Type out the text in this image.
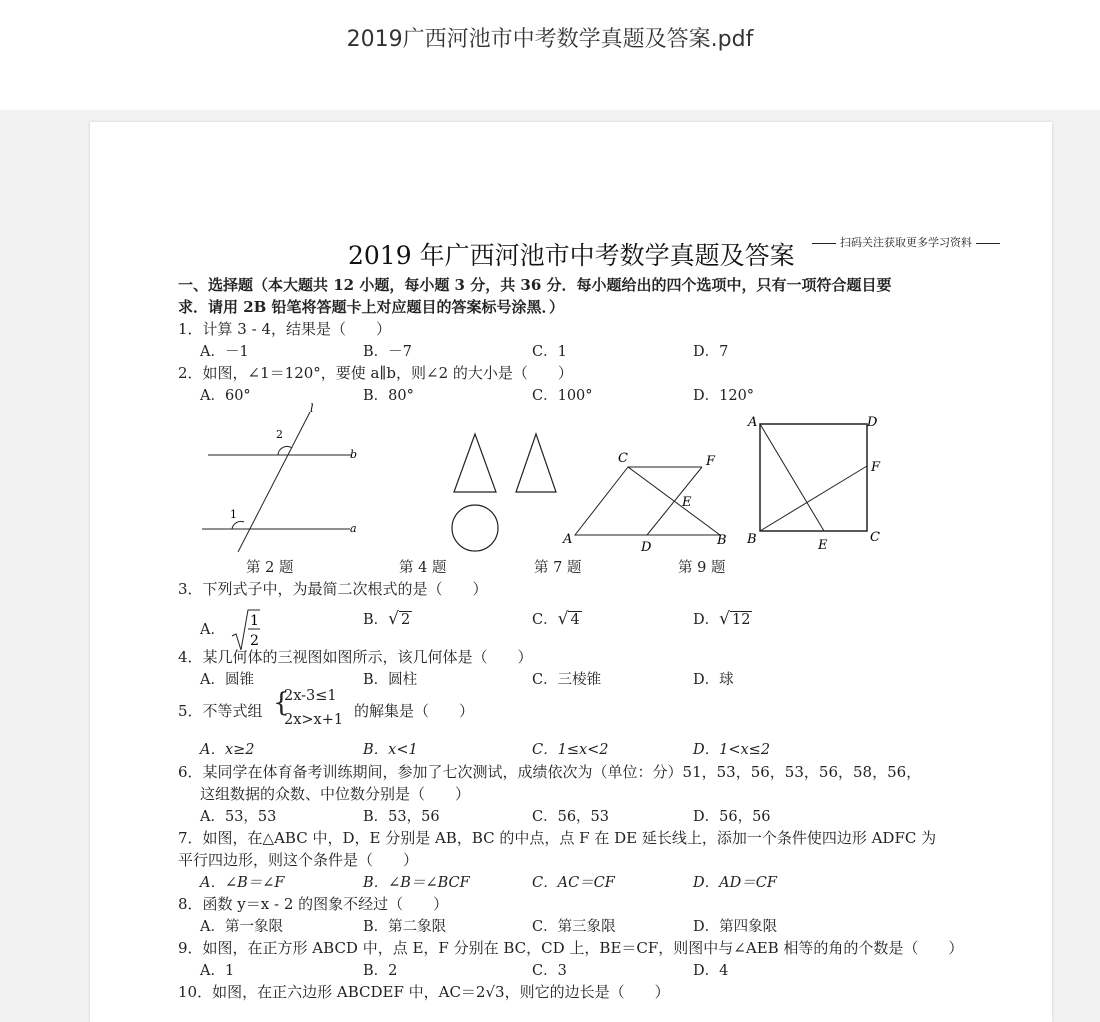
2019广西河池市中考数学真题及答案.pdf
2019 年广西河池市中考数学真题及答案	扫码关注获取更多学习资料
一、选择题（本大题共 12 小题，每小题 3 分，共 36 分．每小题给出的四个选项中，只有一项符合题目要
求．请用 2B 铅笔将答题卡上对应题目的答案标号涂黑．）
1．计算 3 - 4，结果是（　　）
A．－1	B．－7	C．1	D．7
2．如图，∠1＝120°，要使 a∥b，则∠2 的大小是（　　）
A．60°	B．80°	C．100°	D．120°
l
2
b
1
a
C	F
E
A
D	B
A	D
F
B	E
C
第 2 题	第 4 题	第 7 题	第 9 题
3．下列式子中，为最简二次根式的是（　　）
A．
1
2
B．√ 2	C．√ 4	D．√ 12
4．某几何体的三视图如图所示，该几何体是（　　）
A．圆锥	B．圆柱	C．三棱锥	D．球
5．不等式组 {
2x-3≤1
2x>x+1 的解集是（　　）
A．x≥2	B．x<1	C．1≤x<2	D．1<x≤2
6．某同学在体育备考训练期间，参加了七次测试，成绩依次为（单位：分）51，53，56，53，56，58，56，
这组数据的众数、中位数分别是（　　）
A．53，53	B．53，56	C．56，53	D．56，56
7．如图，在△ABC 中，D，E 分别是 AB，BC 的中点，点 F 在 DE 延长线上，添加一个条件使四边形 ADFC 为
平行四边形，则这个条件是（　　）
A．∠B＝∠F	B．∠B＝∠BCF	C．AC＝CF	D．AD＝CF
8．函数 y＝x - 2 的图象不经过（　　）
A．第一象限	B．第二象限	C．第三象限	D．第四象限
9．如图，在正方形 ABCD 中，点 E，F 分别在 BC，CD 上，BE＝CF，则图中与∠AEB 相等的角的个数是（　　）
A．1	B．2	C．3	D．4
10．如图，在正六边形 ABCDEF 中，AC＝2√3，则它的边长是（　　）
